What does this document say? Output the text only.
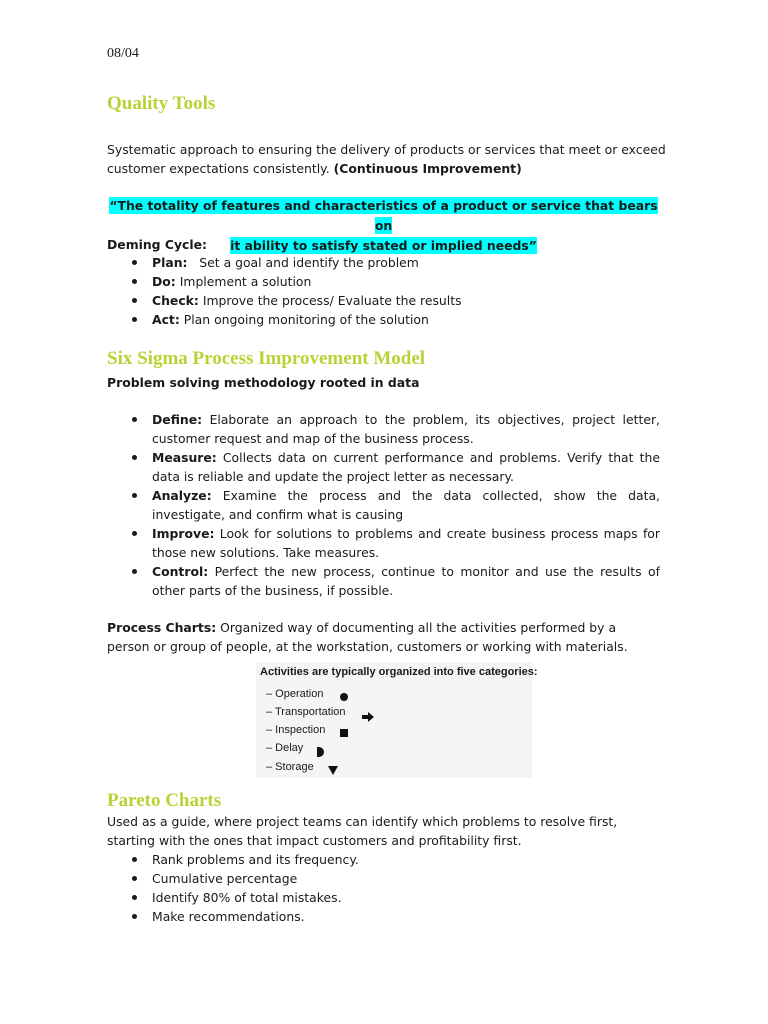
08/04
Quality Tools
Systematic approach to ensuring the delivery of products or services that meet or exceed customer expectations consistently. (Continuous Improvement)
“The totality of features and characteristics of a product or service that bears on
it ability to satisfy stated or implied needs”
Deming Cycle:
Plan: Set a goal and identify the problem
Do: Implement a solution
Check: Improve the process/ Evaluate the results
Act: Plan ongoing monitoring of the solution
Six Sigma Process Improvement Model
Problem solving methodology rooted in data
Define: Elaborate an approach to the problem, its objectives, project letter, customer request and map of the business process.
Measure: Collects data on current performance and problems. Verify that the data is reliable and update the project letter as necessary.
Analyze: Examine the process and the data collected, show the data, investigate, and confirm what is causing
Improve: Look for solutions to problems and create business process maps for those new solutions. Take measures.
Control: Perfect the new process, continue to monitor and use the results of other parts of the business, if possible.
Process Charts: Organized way of documenting all the activities performed by a person or group of people, at the workstation, customers or working with materials.
Activities are typically organized into five categories:
– Operation
– Transportation
– Inspection
– Delay
– Storage
Pareto Charts
Used as a guide, where project teams can identify which problems to resolve first, starting with the ones that impact customers and profitability first.
Rank problems and its frequency.
Cumulative percentage
Identify 80% of total mistakes.
Make recommendations.
